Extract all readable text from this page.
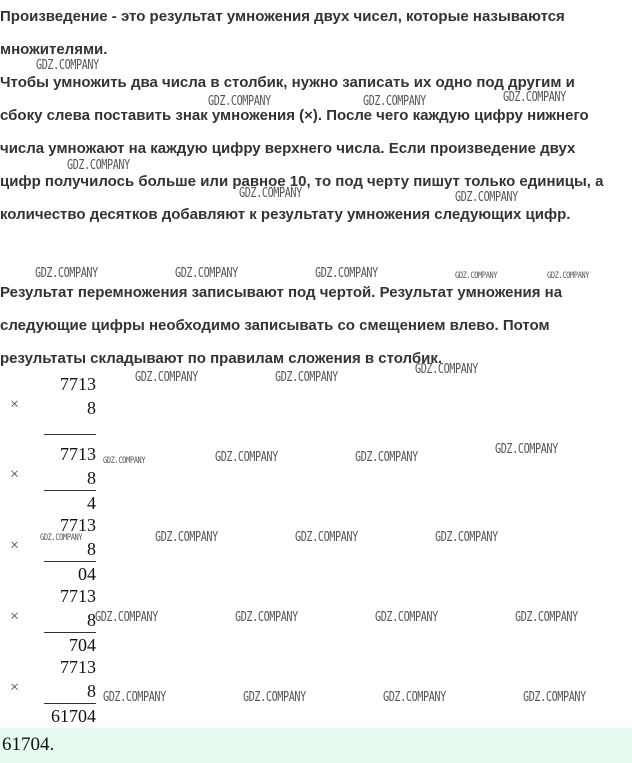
Произведение - это результат умножения двух чисел, которые называются множителями.

Чтобы умножить два числа в столбик, нужно записать их одно под другим и сбоку слева поставить знак умножения (×). После чего каждую цифру нижнего числа умножают на каждую цифру верхнего числа. Если произведение двух цифр получилось больше или равное 10, то под черту пишут только единицы, а количество десятков добавляют к результату умножения следующих цифр.

Результат перемножения записывают под чертой. Результат умножения на следующие цифры необходимо записывать со смещением влево. Потом результаты складывают по правилам сложения в столбик.

×
7713
8
×
7713
8
4
×
7713
8
04
×
7713
8
704
×
7713
8
61704
GDZ.COMPANY
GDZ.COMPANY	GDZ.COMPANY	GDZ.COMPANY
GDZ.COMPANY
GDZ.COMPANY	GDZ.COMPANY
GDZ.COMPANY	GDZ.COMPANY	GDZ.COMPANY	GDZ.COMPANY	GDZ.COMPANY
GDZ.COMPANY
GDZ.COMPANY	GDZ.COMPANY
GDZ.COMPANY
GDZ.COMPANY	GDZ.COMPANY	GDZ.COMPANY
GDZ.COMPANY	GDZ.COMPANY	GDZ.COMPANY	GDZ.COMPANY
GDZ.COMPANY	GDZ.COMPANY	GDZ.COMPANY	GDZ.COMPANY
GDZ.COMPANY	GDZ.COMPANY	GDZ.COMPANY	GDZ.COMPANY
61704.
